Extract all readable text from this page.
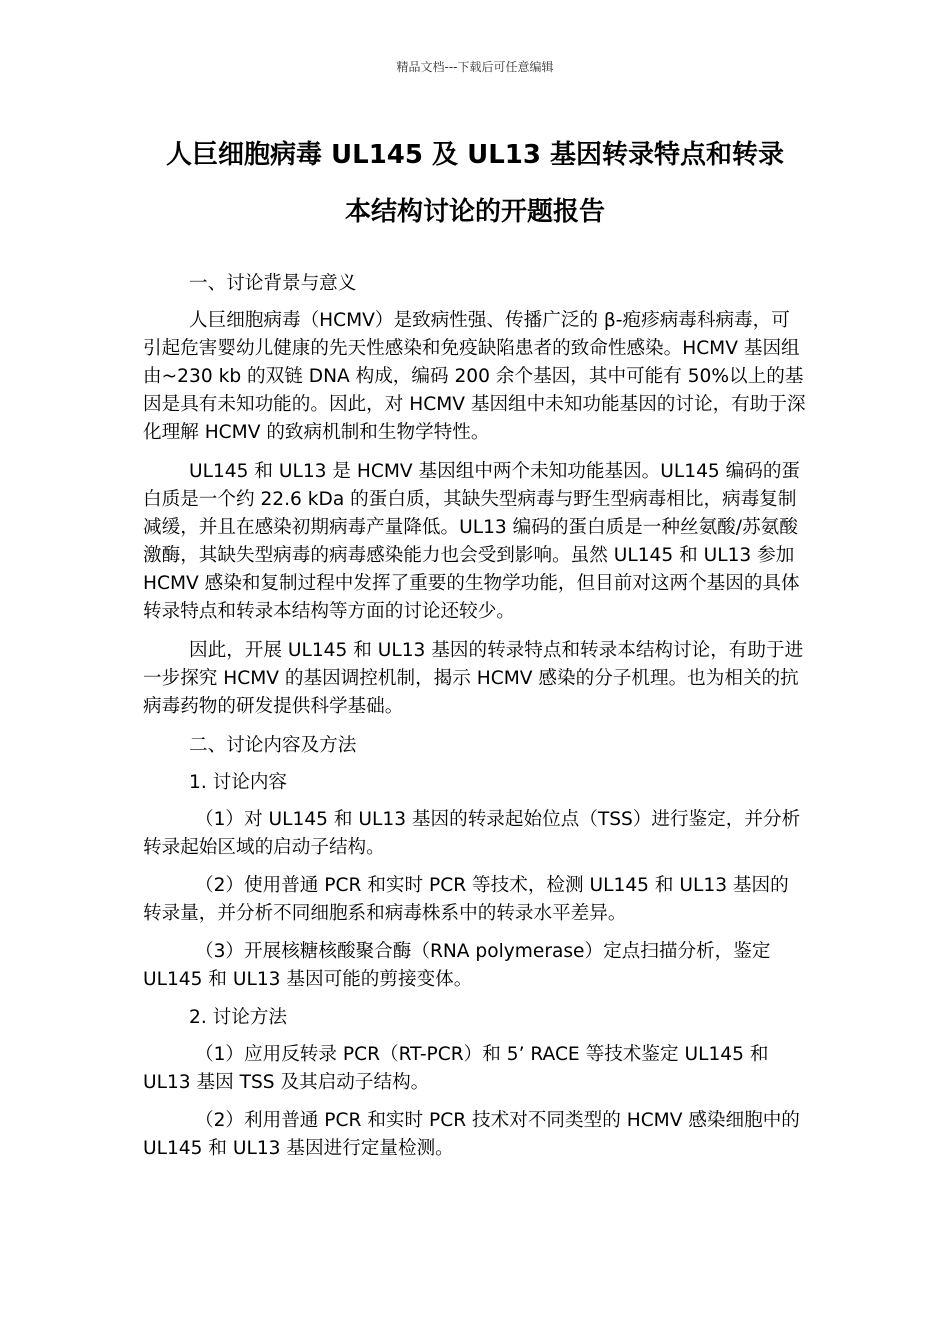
精品文档---下载后可任意编辑
人巨细胞病毒 UL145 及 UL13 基因转录特点和转录
本结构讨论的开题报告

一、讨论背景与意义

人巨细胞病毒（HCMV）是致病性强、传播广泛的 β-疱疹病毒科病毒，可引起危害婴幼儿健康的先天性感染和免疫缺陷患者的致命性感染。HCMV 基因组由~230 kb 的双链 DNA 构成，编码 200 余个基因，其中可能有 50%以上的基因是具有未知功能的。因此，对 HCMV 基因组中未知功能基因的讨论，有助于深化理解 HCMV 的致病机制和生物学特性。

UL145 和 UL13 是 HCMV 基因组中两个未知功能基因。UL145 编码的蛋白质是一个约 22.6 kDa 的蛋白质，其缺失型病毒与野生型病毒相比，病毒复制减缓，并且在感染初期病毒产量降低。UL13 编码的蛋白质是一种丝氨酸/苏氨酸激酶，其缺失型病毒的病毒感染能力也会受到影响。虽然 UL145 和 UL13 参加 HCMV 感染和复制过程中发挥了重要的生物学功能，但目前对这两个基因的具体转录特点和转录本结构等方面的讨论还较少。

因此，开展 UL145 和 UL13 基因的转录特点和转录本结构讨论，有助于进一步探究 HCMV 的基因调控机制，揭示 HCMV 感染的分子机理。也为相关的抗病毒药物的研发提供科学基础。

二、讨论内容及方法

1. 讨论内容

（1）对 UL145 和 UL13 基因的转录起始位点（TSS）进行鉴定，并分析转录起始区域的启动子结构。

（2）使用普通 PCR 和实时 PCR 等技术，检测 UL145 和 UL13 基因的转录量，并分析不同细胞系和病毒株系中的转录水平差异。

（3）开展核糖核酸聚合酶（RNA polymerase）定点扫描分析，鉴定 UL145 和 UL13 基因可能的剪接变体。

2. 讨论方法

（1）应用反转录 PCR（RT-PCR）和 5’ RACE 等技术鉴定 UL145 和 UL13 基因 TSS 及其启动子结构。

（2）利用普通 PCR 和实时 PCR 技术对不同类型的 HCMV 感染细胞中的 UL145 和 UL13 基因进行定量检测。
